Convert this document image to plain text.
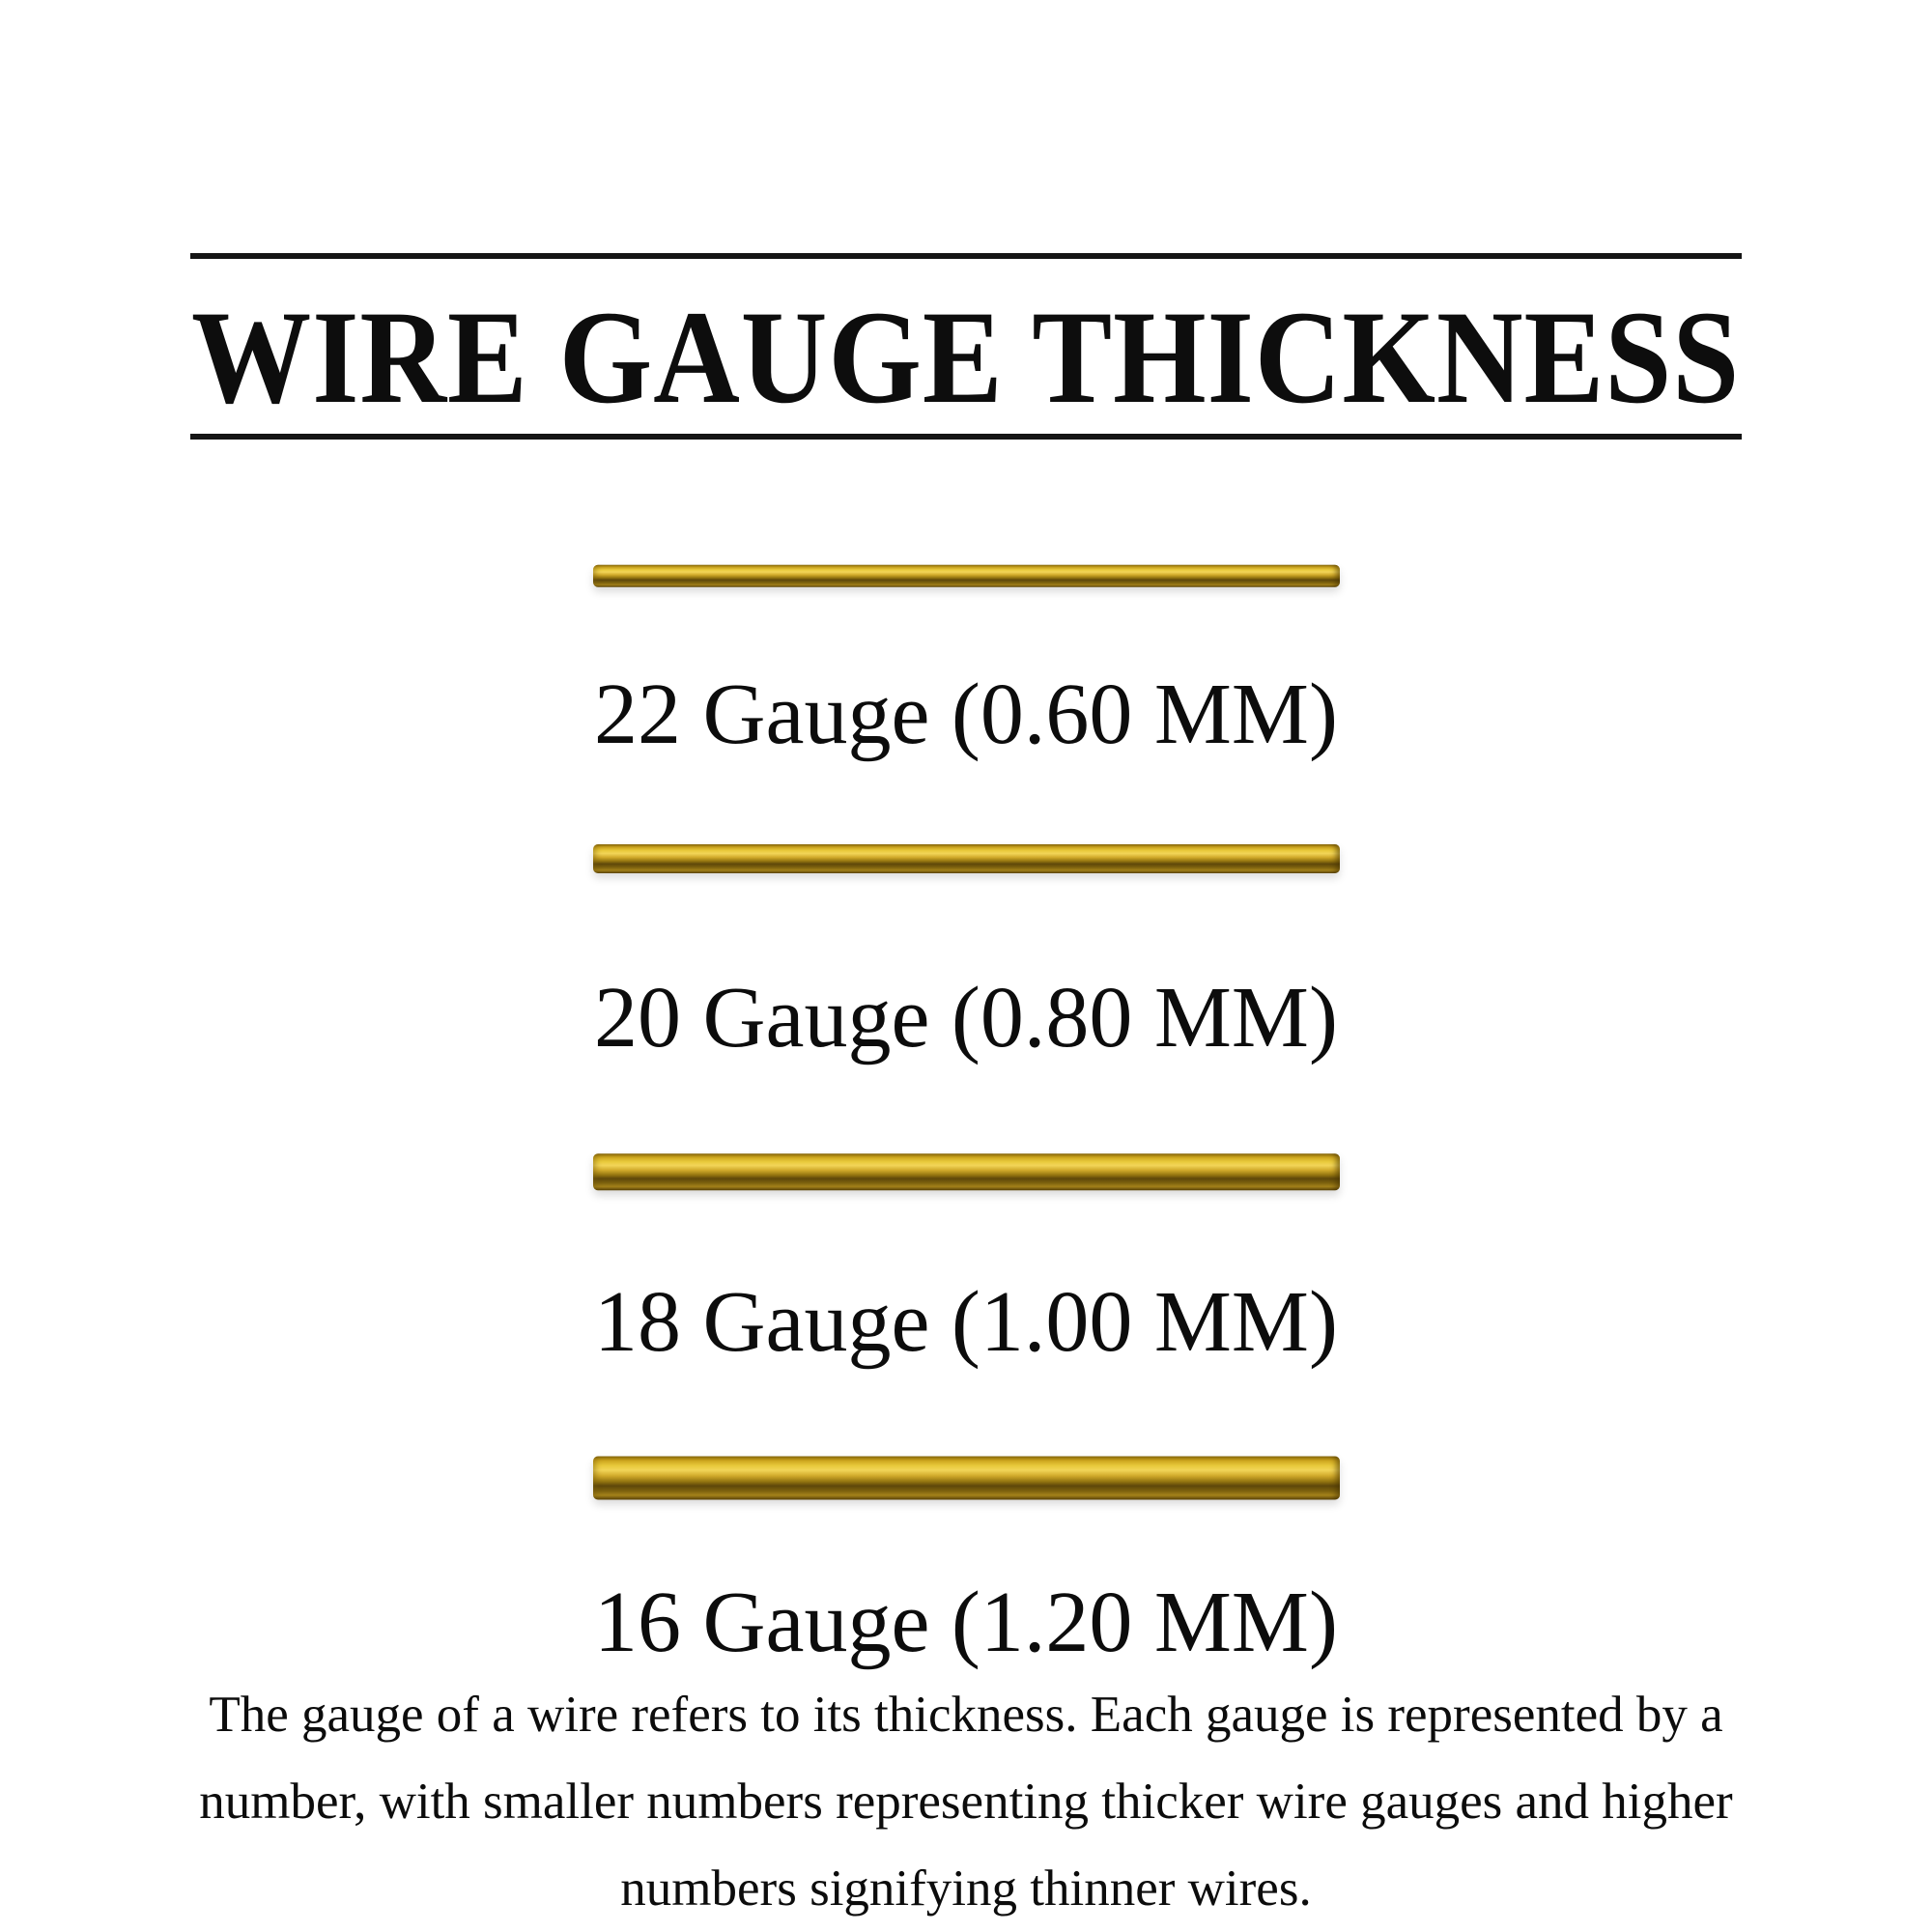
WIRE GAUGE THICKNESS
22 Gauge (0.60 MM)
20 Gauge (0.80 MM)
18 Gauge (1.00 MM)
16 Gauge (1.20 MM)
The gauge of a wire refers to its thickness. Each gauge is represented by a
number, with smaller numbers representing thicker wire gauges and higher
numbers signifying thinner wires.
